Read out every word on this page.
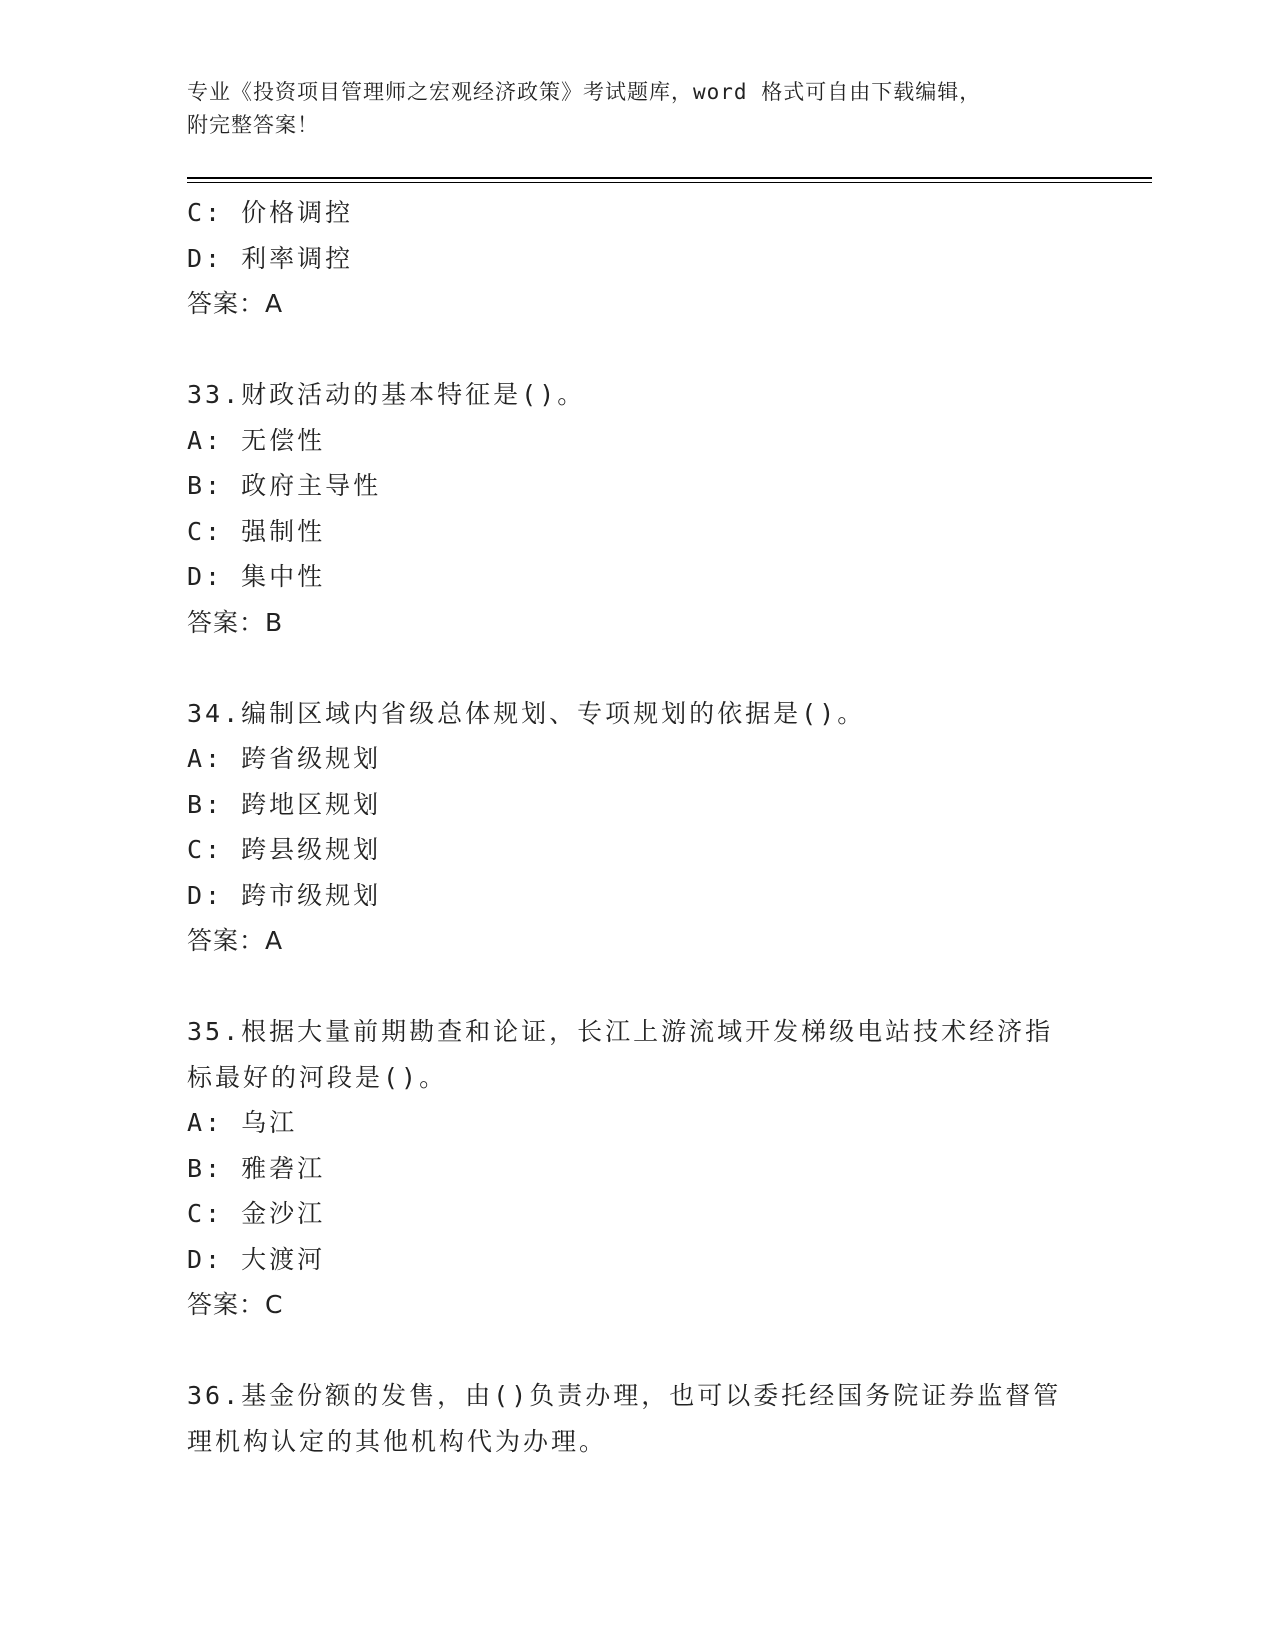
专业《投资项目管理师之宏观经济政策》考试题库，word 格式可自由下载编辑，

附完整答案！

C: 价格调控
D: 利率调控
答案：A
33.财政活动的基本特征是()。
A: 无偿性
B: 政府主导性
C: 强制性
D: 集中性
答案：B
34.编制区域内省级总体规划、专项规划的依据是()。
A: 跨省级规划
B: 跨地区规划
C: 跨县级规划
D: 跨市级规划
答案：A
35.根据大量前期勘查和论证，长江上游流域开发梯级电站技术经济指
标最好的河段是()。
A: 乌江
B: 雅砻江
C: 金沙江
D: 大渡河
答案：C
36.基金份额的发售，由()负责办理，也可以委托经国务院证券监督管
理机构认定的其他机构代为办理。
